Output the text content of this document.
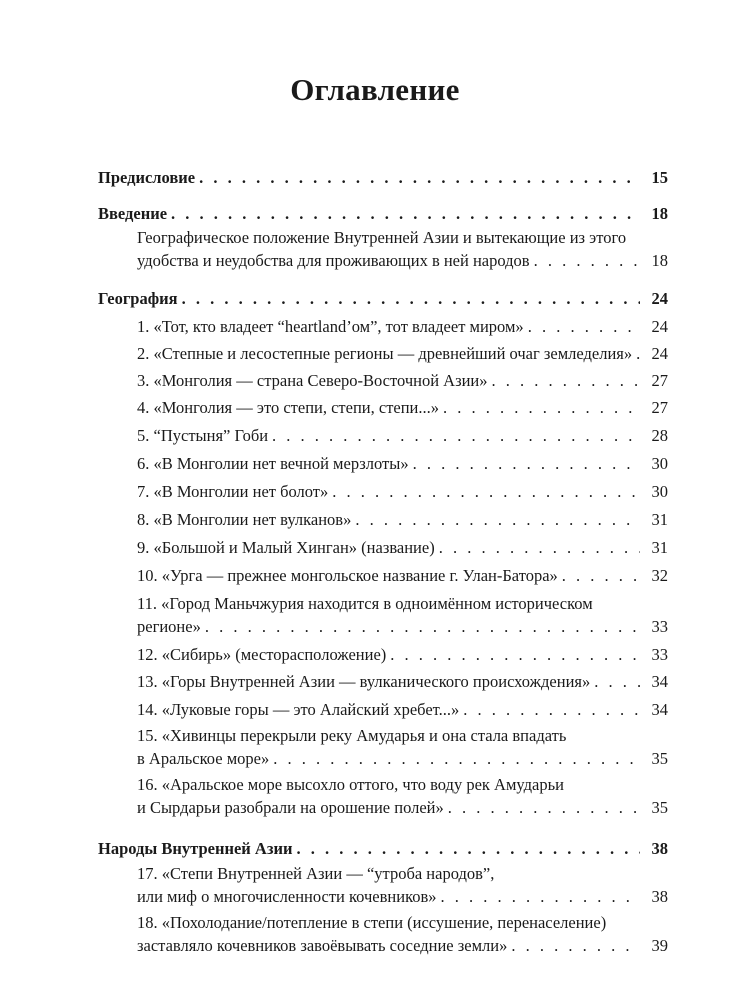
Оглавление
Предисловие . . .	15
Введение . . .	18
Географическое положение Внутренней Азии и вытекающие из этого
удобства и неудобства для проживающих в ней народов . . .	18
География . . .	24
1. «Тот, кто владеет “heartland’ом”, тот владеет миром» . . .	24
2. «Степные и лесостепные регионы — древнейший очаг земледелия» . . .	24
3. «Монголия — страна Северо-Восточной Азии» . . .	27
4. «Монголия — это степи, степи, степи...» . . .	27
5. “Пустыня” Гоби . . .	28
6. «В Монголии нет вечной мерзлоты» . . .	30
7. «В Монголии нет болот» . . .	30
8. «В Монголии нет вулканов» . . .	31
9. «Большой и Малый Хинган» (название) . . .	31
10. «Урга — прежнее монгольское название г. Улан-Батора» . . .	32
11. «Город Маньчжурия находится в одноимённом историческом
регионе» . . .	33
12. «Сибирь» (месторасположение) . . .	33
13. «Горы Внутренней Азии — вулканического происхождения» . . .	34
14. «Луковые горы — это Алайский хребет...» . . .	34
15. «Хивинцы перекрыли реку Амударья и она стала впадать
в Аральское море» . . .	35
16. «Аральское море высохло оттого, что воду рек Амударьи
и Сырдарьи разобрали на орошение полей» . . .	35
Народы Внутренней Азии . . .	38
17. «Степи Внутренней Азии — “утроба народов”,
или миф о многочисленности кочевников» . . .	38
18. «Похолодание/потепление в степи (иссушение, перенаселение)
заставляло кочевников завоёвывать соседние земли» . . .	39
